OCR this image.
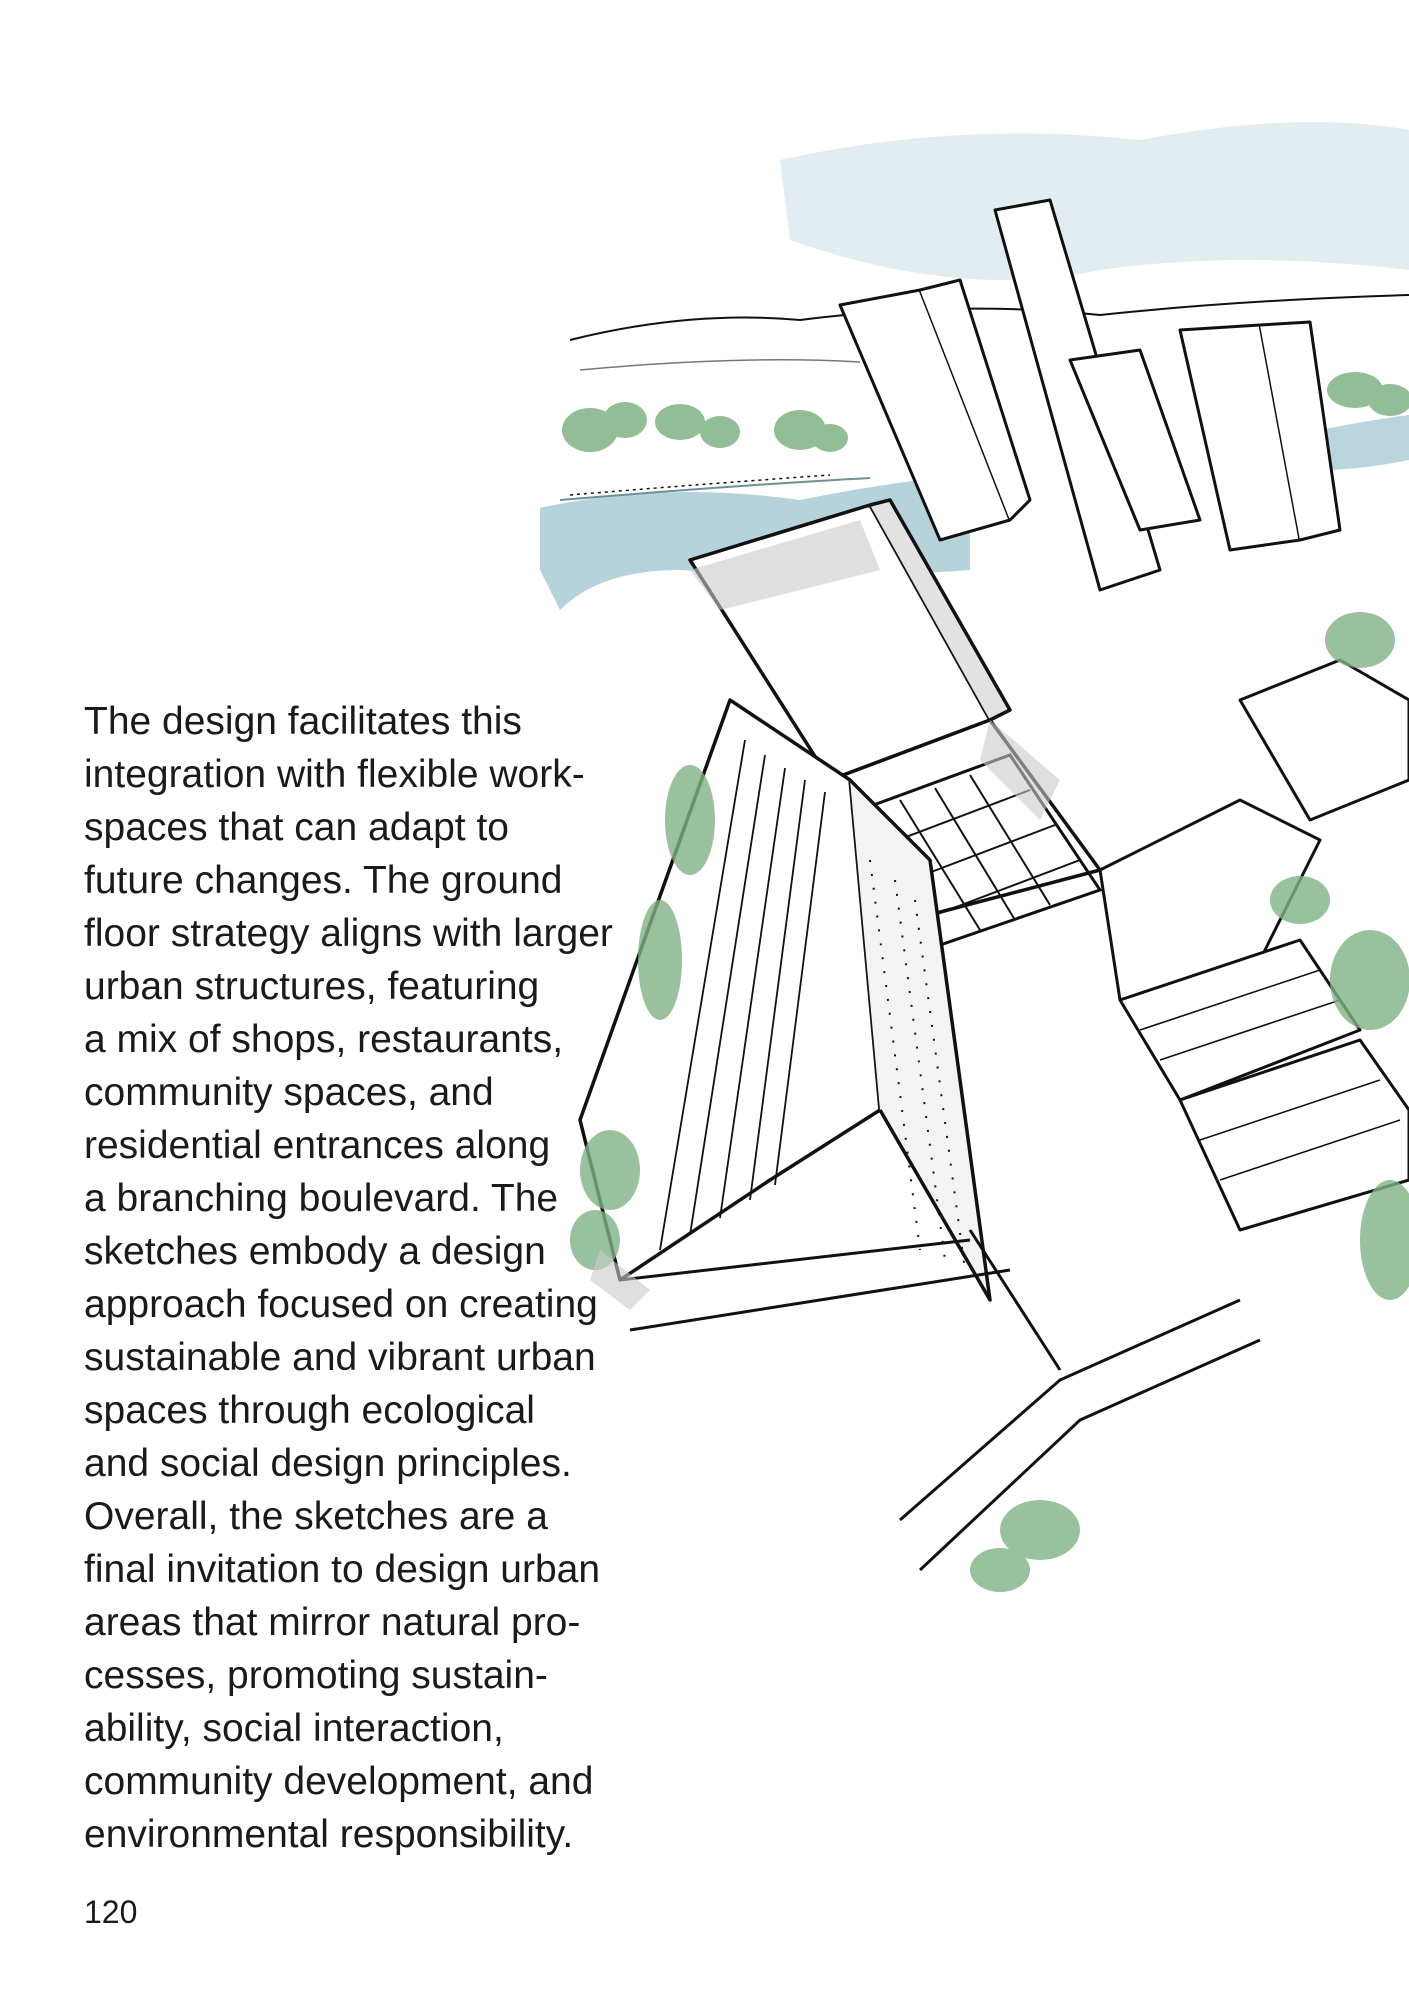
The design facilitates this
integration with flexible work-
spaces that can adapt to
future changes. The ground
floor strategy aligns with larger
urban structures, featuring
a mix of shops, restaurants,
community spaces, and
residential entrances along
a branching boulevard. The
sketches embody a design
approach focused on creating
sustainable and vibrant urban
spaces through ecological
and social design principles.
Overall, the sketches are a
final invitation to design urban
areas that mirror natural pro-
cesses, promoting sustain-
ability, social interaction,
community development, and
environmental responsibility.

120
